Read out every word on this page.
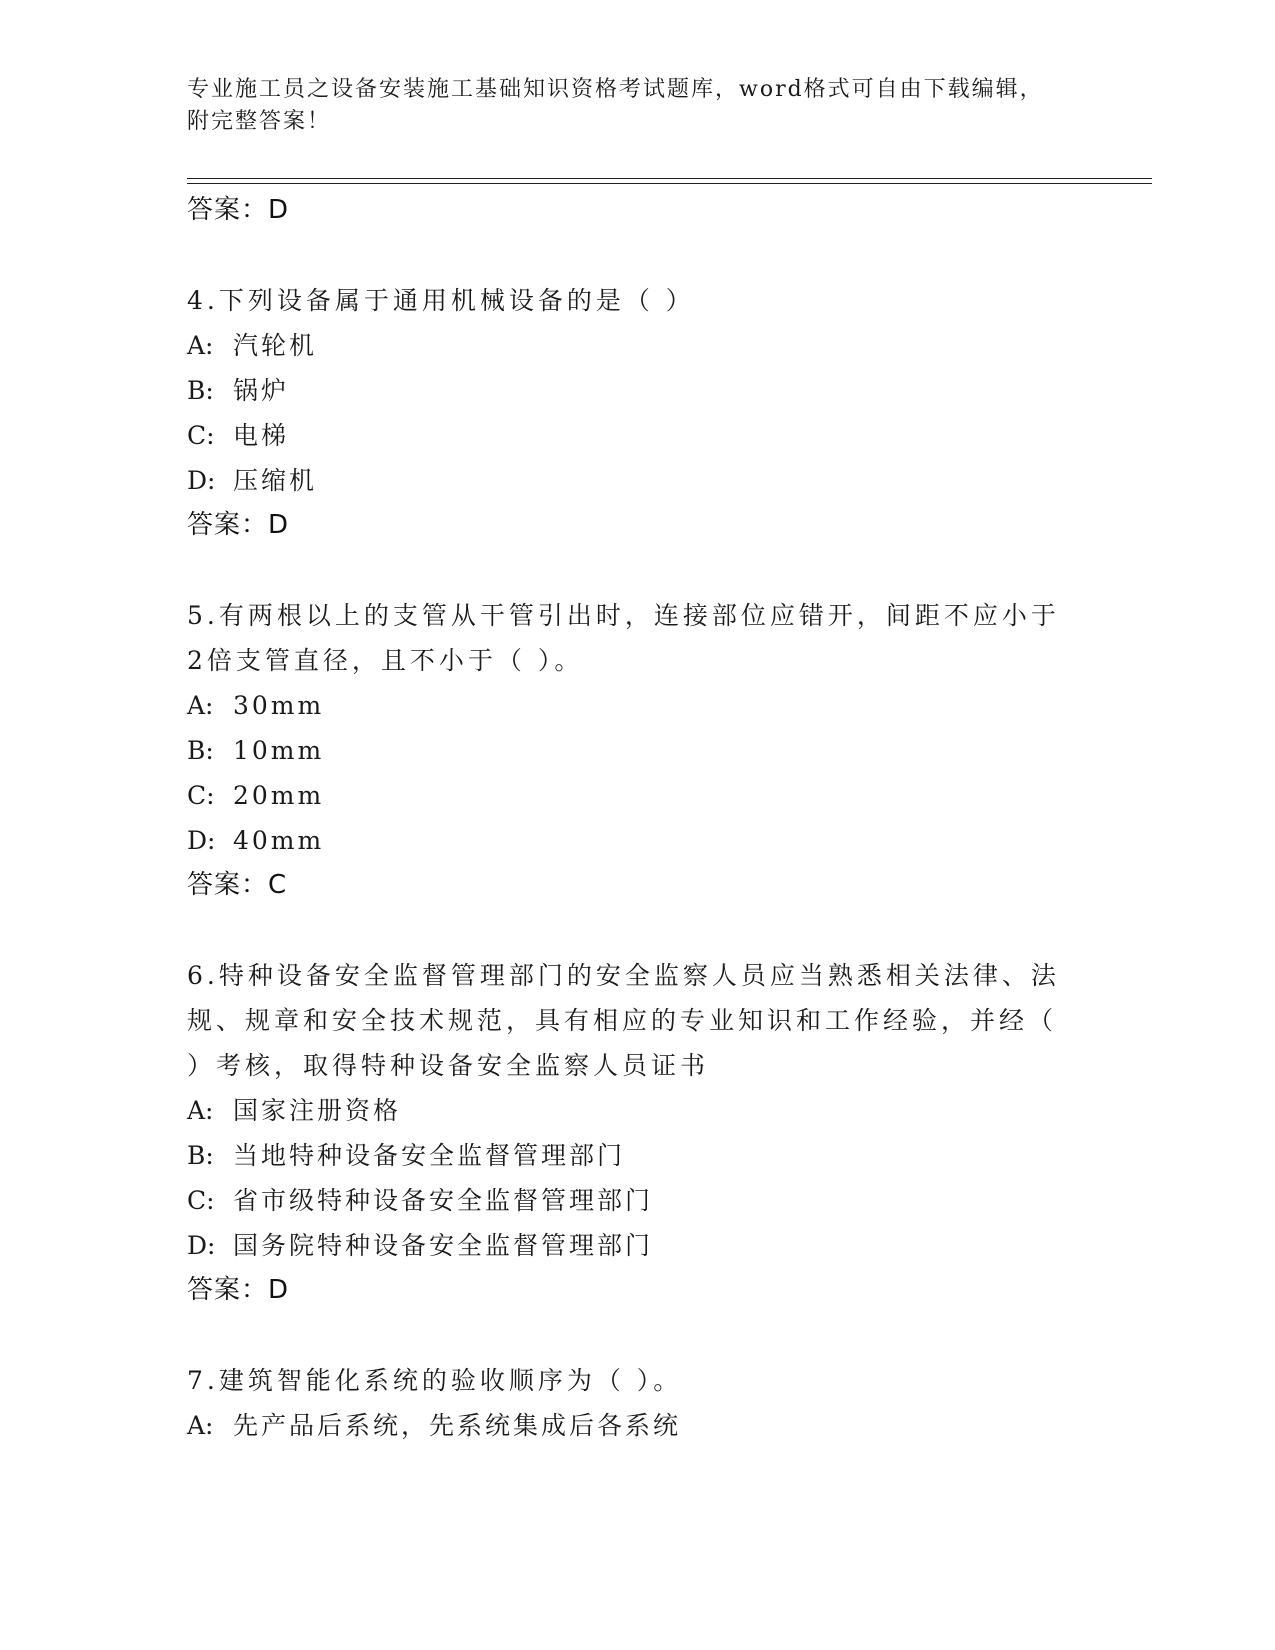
专业施工员之设备安装施工基础知识资格考试题库，word格式可自由下载编辑，附完整答案！
答案：D
4.下列设备属于通用机械设备的是（ ）
A: 汽轮机
B: 锅炉
C: 电梯
D: 压缩机
答案：D
5.有两根以上的支管从干管引出时，连接部位应错开，间距不应小于2倍支管直径，且不小于（ ）。
A: 30mm
B: 10mm
C: 20mm
D: 40mm
答案：C
6.特种设备安全监督管理部门的安全监察人员应当熟悉相关法律、法规、规章和安全技术规范，具有相应的专业知识和工作经验，并经（ ）考核，取得特种设备安全监察人员证书
A: 国家注册资格
B: 当地特种设备安全监督管理部门
C: 省市级特种设备安全监督管理部门
D: 国务院特种设备安全监督管理部门
答案：D
7.建筑智能化系统的验收顺序为（ ）。
A: 先产品后系统，先系统集成后各系统
